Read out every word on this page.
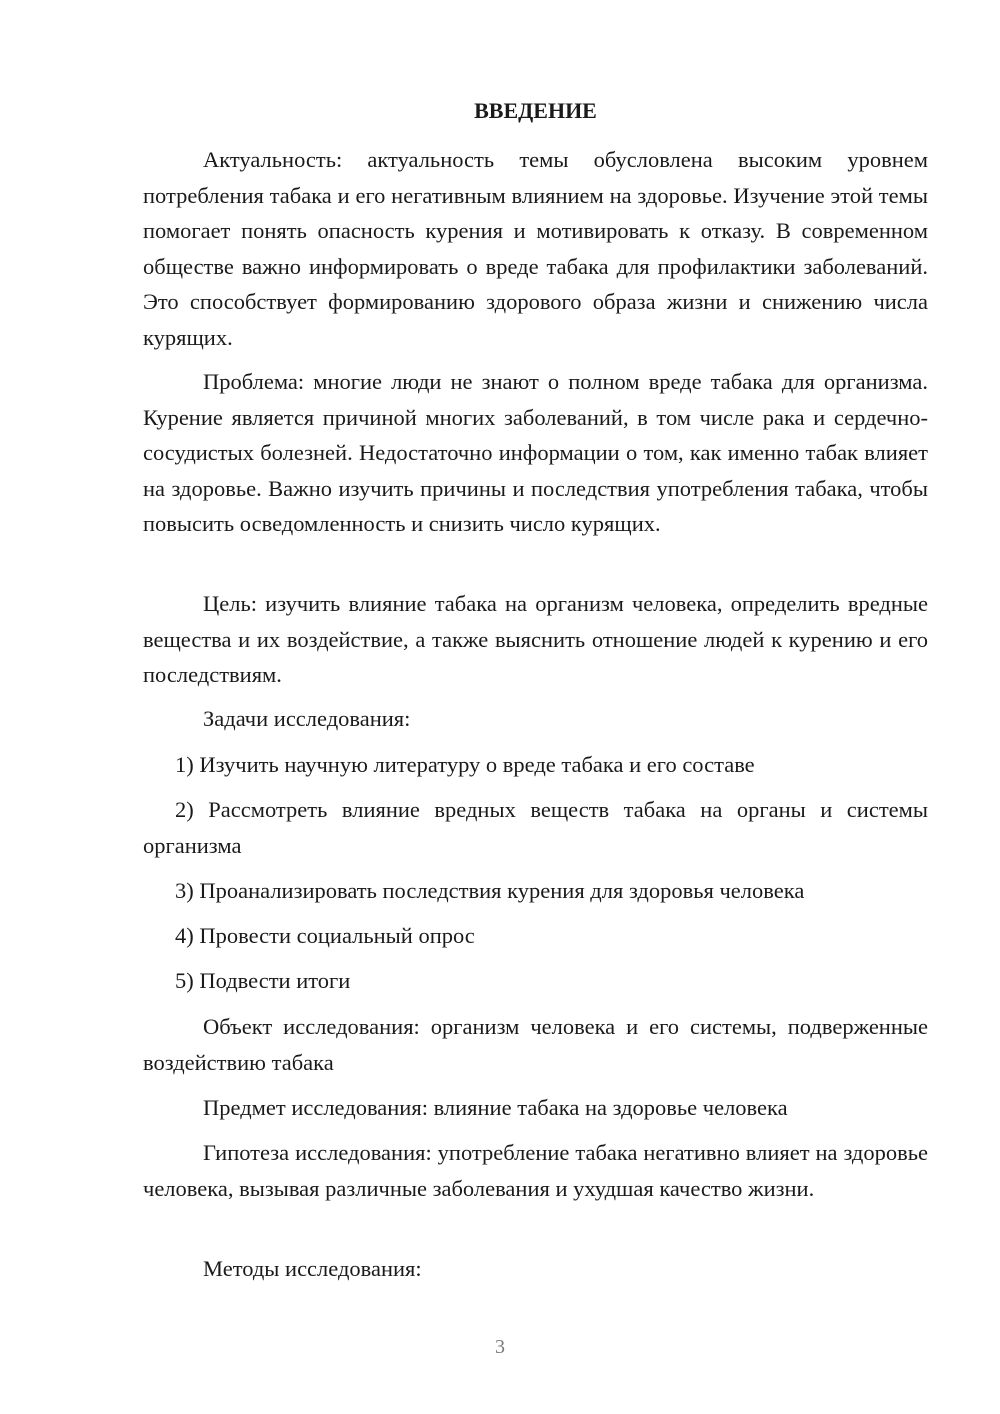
ВВЕДЕНИЕ

Актуальность: актуальность темы обусловлена высоким уровнем потребления табака и его негативным влиянием на здоровье. Изучение этой темы помогает понять опасность курения и мотивировать к отказу. В современном обществе важно информировать о вреде табака для профилактики заболеваний. Это способствует формированию здорового образа жизни и снижению числа курящих.

Проблема: многие люди не знают о полном вреде табака для организма. Курение является причиной многих заболеваний, в том числе рака и сердечно-сосудистых болезней. Недостаточно информации о том, как именно табак влияет на здоровье. Важно изучить причины и последствия употребления табака, чтобы повысить осведомленность и снизить число курящих.

Цель: изучить влияние табака на организм человека, определить вредные вещества и их воздействие, а также выяснить отношение людей к курению и его последствиям.

Задачи исследования:

1) Изучить научную литературу о вреде табака и его составе

2) Рассмотреть влияние вредных веществ табака на органы и системы организма

3) Проанализировать последствия курения для здоровья человека

4) Провести социальный опрос

5) Подвести итоги

Объект исследования: организм человека и его системы, подверженные воздействию табака

Предмет исследования: влияние табака на здоровье человека

Гипотеза исследования: употребление табака негативно влияет на здоровье человека, вызывая различные заболевания и ухудшая качество жизни.

Методы исследования:

3
